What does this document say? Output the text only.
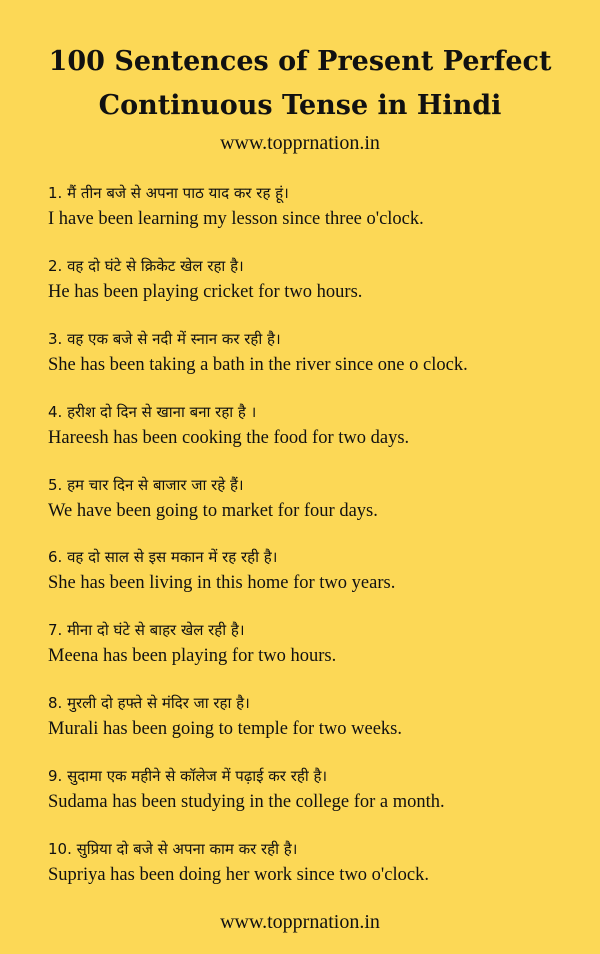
100 Sentences of Present Perfect
Continuous Tense in Hindi
www.topprnation.in
1. मैं तीन बजे से अपना पाठ याद कर रह हूं।
I have been learning my lesson since three o'clock.
2. वह दो घंटे से क्रिकेट खेल रहा है।
He has been playing cricket for two hours.
3. वह एक बजे से नदी में स्नान कर रही है।
She has been taking a bath in the river since one o clock.
4. हरीश दो दिन से खाना बना रहा है ।
Hareesh has been cooking the food for two days.
5. हम चार दिन से बाजार जा रहे हैं।
We have been going to market for four days.
6. वह दो साल से इस मकान में रह रही है।
She has been living in this home for two years.
7. मीना दो घंटे से बाहर खेल रही है।
Meena has been playing for two hours.
8. मुरली दो हफ्ते से मंदिर जा रहा है।
Murali has been going to temple for two weeks.
9. सुदामा एक महीने से कॉलेज में पढ़ाई कर रही है।
Sudama has been studying in the college for a month.
10. सुप्रिया दो बजे से अपना काम कर रही है।
Supriya has been doing her work since two o'clock.
www.topprnation.in
